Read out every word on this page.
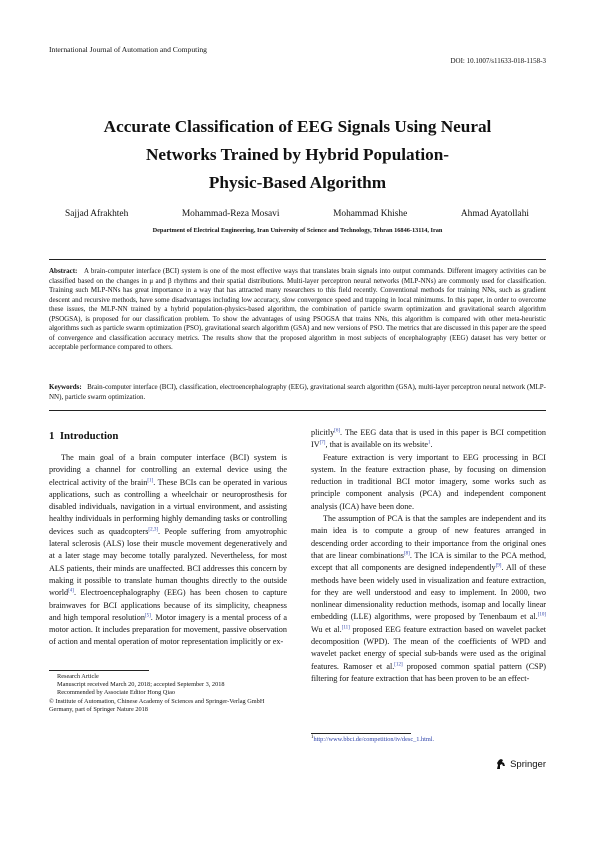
International Journal of Automation and Computing
DOI: 10.1007/s11633-018-1158-3
Accurate Classification of EEG Signals Using Neural
Networks Trained by Hybrid Population-
Physic-Based Algorithm
Sajjad Afrakhteh	Mohammad-Reza Mosavi	Mohammad Khishe	Ahmad Ayatollahi
Department of Electrical Engineering, Iran University of Science and Technology, Tehran 16846-13114, Iran
Abstract: A brain-computer interface (BCI) system is one of the most effective ways that translates brain signals into output commands. Different imagery activities can be classified based on the changes in μ and β rhythms and their spatial distributions. Multi-layer perceptron neural networks (MLP-NNs) are commonly used for classification. Training such MLP-NNs has great importance in a way that has attracted many researchers to this field recently. Conventional methods for training NNs, such as gradient descent and recursive methods, have some disadvantages including low accuracy, slow convergence speed and trapping in local minimums. In this paper, in order to overcome these issues, the MLP-NN trained by a hybrid population-physics-based algorithm, the combination of particle swarm optimization and gravitational search algorithm (PSOGSA), is proposed for our classification problem. To show the advantages of using PSOGSA that trains NNs, this algorithm is compared with other meta-heuristic algorithms such as particle swarm optimization (PSO), gravitational search algorithm (GSA) and new versions of PSO. The metrics that are discussed in this paper are the speed of convergence and classification accuracy metrics. The results show that the proposed algorithm in most subjects of encephalography (EEG) dataset has very better or acceptable performance compared to others.
Keywords: Brain-computer interface (BCI), classification, electroencephalography (EEG), gravitational search algorithm (GSA), multi-layer perceptron neural network (MLP-NN), particle swarm optimization.
1 Introduction

The main goal of a brain computer interface (BCI) system is providing a channel for controlling an external device using the electrical activity of the brain[1]. These BCIs can be operated in various applications, such as controlling a wheelchair or neuroprosthesis for disabled individuals, navigation in a virtual environment, and assisting healthy individuals in performing highly demanding tasks or controlling devices such as quadcopters[2,3]. People suffering from amyotrophic lateral sclerosis (ALS) lose their muscle movement degeneratively and at a later stage may become totally paralyzed. Nevertheless, for most ALS patients, their minds are unaffected. BCI addresses this concern by making it possible to translate human thoughts directly to the outside world[4]. Electroencephalography (EEG) has been chosen to capture brainwaves for BCI applications because of its simplicity, cheapness and high temporal resolution[5]. Motor imagery is a mental process of a motor action. It includes preparation for movement, passive observation of action and mental operation of motor representation implicitly or ex-

plicitly[6]. The EEG data that is used in this paper is BCI competition IV[7], that is available on its website$^1$.

Feature extraction is very important to EEG processing in BCI system. In the feature extraction phase, by focusing on dimension reduction in traditional BCI motor imagery, some works such as principle component analysis (PCA) and independent component analysis (ICA) have been done.

The assumption of PCA is that the samples are independent and its main idea is to compute a group of new features arranged in descending order according to their importance from the original ones that are linear combinations[8]. The ICA is similar to the PCA method, except that all components are designed independently[9]. All of these methods have been widely used in visualization and feature extraction, for they are well understood and easy to implement. In 2000, two nonlinear dimensionality reduction methods, isomap and locally linear embedding (LLE) algorithms, were proposed by Tenenbaum et al.[10] Wu et al.[11] proposed EEG feature extraction based on wavelet packet decomposition (WPD). The mean of the coefficients of WPD and wavelet packet energy of special sub-bands were used as the original features. Ramoser et al.[12] proposed common spatial pattern (CSP) filtering for feature extraction that has been proven to be an effect-

Research Article
Manuscript received March 20, 2018; accepted September 3, 2018
Recommended by Associate Editor Hong Qiao
© Institute of Automation, Chinese Academy of Sciences and Springer-Verlag GmbH Germany, part of Springer Nature 2018
$^1$http://www.bbci.de/competition/iv/desc_1.html.
Springer
